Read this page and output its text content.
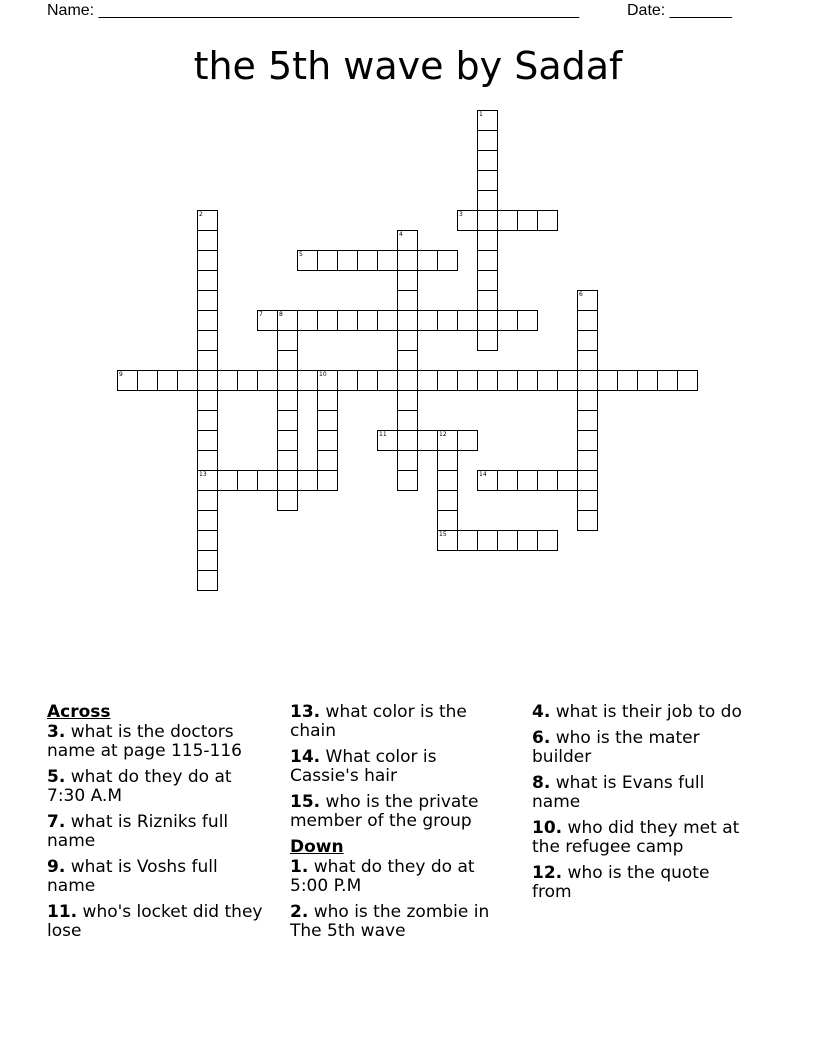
Name: ______________________________________________________	Date: _______
the 5th wave by Sadaf
1
2
13
3
4
5
6
7	8
9	10
11	12
15
14
Across
3. what is the doctors name at page 115-116
5. what do they do at 7:30 A.M
7. what is Rizniks full name
9. what is Voshs full name
11. who's locket did they lose
13. what color is the chain
14. What color is Cassie's hair
15. who is the private member of the group
Down
1. what do they do at 5:00 P.M
2. who is the zombie in The 5th wave
4. what is their job to do
6. who is the mater builder
8. what is Evans full name
10. who did they met at the refugee camp
12. who is the quote from
